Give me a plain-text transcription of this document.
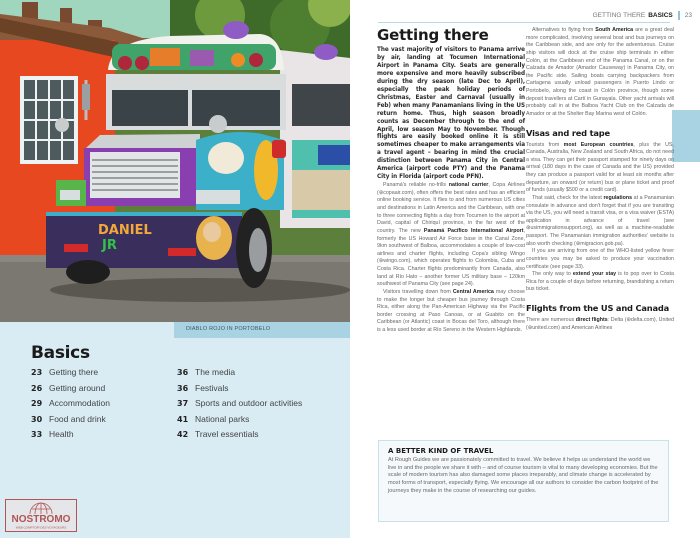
DANIEL
JR
DIABLO ROJO IN PORTOBELO
Basics
23 Getting there
26 Getting around
29 Accommodation
30 Food and drink
33 Health
36 The media
36 Festivals
37 Sports and outdoor activities
41 National parks
42 Travel essentials
NOSTROMO
WEB COMPTOIR DES VOYAGEURS
GETTING THERE BASICS 23
Getting there

The vast majority of visitors to Panama arrive by air, landing at Tocumen International Airport in Panama City. Seats are generally more expensive and more heavily subscribed during the dry season (late Dec to April), especially the peak holiday periods of Christmas, Easter and Carnaval (usually in Feb) when many Panamanians living in the US return home. Thus, high season broadly counts as December through to the end of April, low season May to November. Though flights are easily booked online it is still sometimes cheaper to make arrangements via a travel agent – bearing in mind the crucial distinction between Panama City in Central America (airport code PTY) and the Panama City in Florida (airport code PFN).

Panamá's reliable no-frills national carrier, Copa Airlines (⊛copaair.com), often offers the best rates and has an efficient online booking service. It flies to and from numerous US cities and destinations in Latin America and the Caribbean, with one to three connecting flights a day from Tocumen to the airport at David, capital of Chiriquí province, in the far west of the country. The new Panamá Pacífico International Airport, formerly the US Howard Air Force base in the Canal Zone, 9km southwest of Balboa, accommodates a couple of low-cost airlines and charter flights, including Copa's sibling Wingo (⊛wingo.com), which operates flights to Colombia, Cuba and Costa Rica. Charter flights predominantly from Canada, also land at Río Hato – another former US military base – 120km southwest of Panama City (see page 24).

Visitors travelling down from Central America may choose to make the longer but cheaper bus journey through Costa Rica, either along the Pan-American Highway via the Pacific border crossing at Paso Canoas, or at Guabito on the Caribbean (or Atlantic) coast in Bocas del Toro, although there is a less used border at Río Sereno in the Western Highlands.

Alternatives to flying from South America are a great deal more complicated, involving several boat and bus journeys on the Caribbean side, and are only for the adventurous. Cruise ship visitors will dock at the cruise ship terminals in either Colón, at the Caribbean end of the Panama Canal, or on the Calzada de Amador (Amador Causeway) in Panama City, on the Pacific side. Sailing boats carrying backpackers from Cartagena usually unload passengers in Puerto Lindo or Portobelo, along the coast in Colón province, though some deposit travellers at Cartí in Gunayala. Other yacht arrivals will probably call in at the Balboa Yacht Club on the Calzada de Amador or at the Shelter Bay Marina west of Colón.

Visas and red tape

Tourists from most European countries, plus the US, Canada, Australia, New Zealand and South Africa, do not need a visa. They can get their passport stamped for ninety days on arrival (180 days in the case of Canada and the US) provided they can produce a passport valid for at least six months after departure, an onward (or return) bus or plane ticket and proof of funds (usually $500 or a credit card).

That said, check for the latest regulations at a Panamanian consulate in advance and don't forget that if you are transiting via the US, you will need a transit visa, or a visa waiver (ESTA) application in advance of travel (see ⊛usimmigrationsupport.org), as well as a machine-readable passport. The Panamanian immigration authorities' website is also worth checking (⊛migracion.gob.pa).

If you are arriving from one of the WHO-listed yellow fever countries you may be asked to produce your vaccination certificate (see page 33).

The only way to extend your stay is to pop over to Costa Rica for a couple of days before returning, brandishing a return bus ticket.

Flights from the US and Canada

There are numerous direct flights: Delta (⊛delta.com), United (⊛united.com) and American Airlines

A BETTER KIND OF TRAVEL
At Rough Guides we are passionately committed to travel. We believe it helps us understand the world we live in and the people we share it with – and of course tourism is vital to many developing economies. But the scale of modern tourism has also damaged some places irreparably, and climate change is accelerated by most forms of transport, especially flying. We encourage all our authors to consider the carbon footprint of the journeys they make in the course of researching our guides.
